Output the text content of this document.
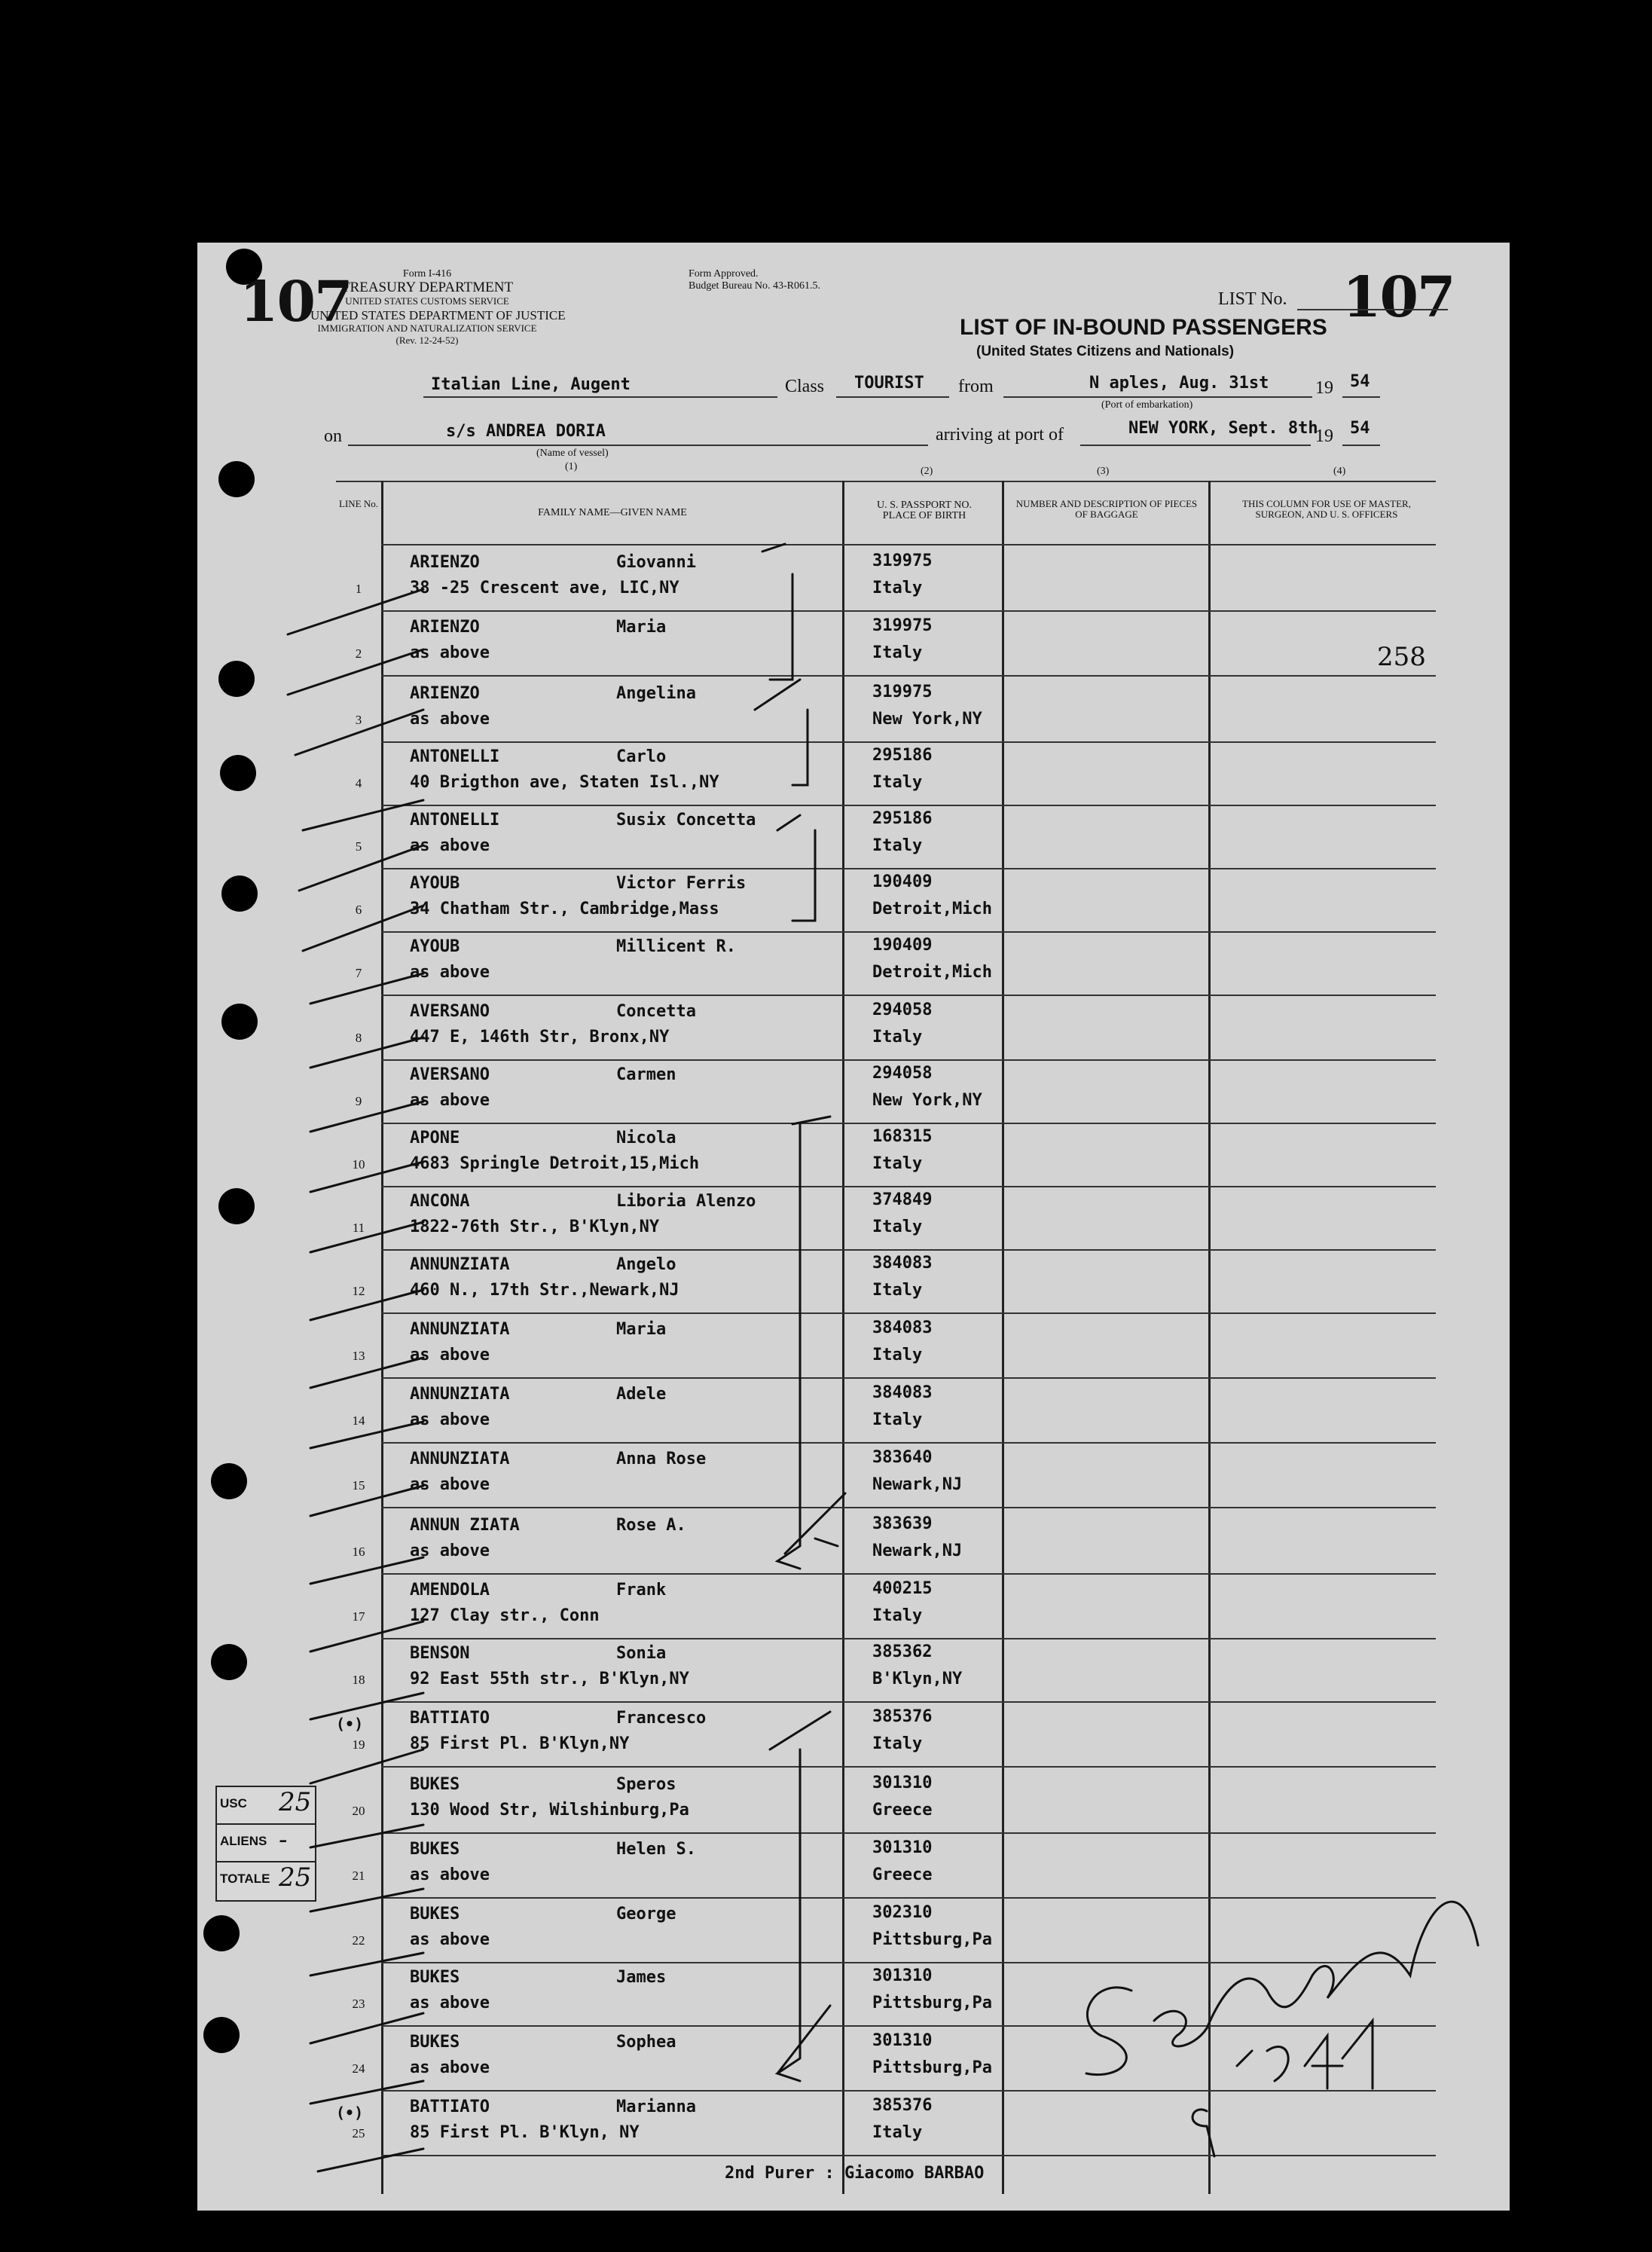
107	107
Form I-416
TREASURY DEPARTMENT
UNITED STATES CUSTOMS SERVICE
UNITED STATES DEPARTMENT OF JUSTICE
IMMIGRATION AND NATURALIZATION SERVICE
(Rev. 12-24-52)
Form Approved.
Budget Bureau No. 43-R061.5.
LIST No.
LIST OF IN-BOUND PASSENGERS
(United States Citizens and Nationals)
Italian Line, Augent	Class TOURIST from	N aples, Aug. 31st
(Port of embarkation)
19 54
on	s/s ANDREA DORIA
(Name of vessel)
arriving at port of	NEW YORK, Sept. 8th
19 54
(1)	(2)	(3)	(4)
LINE No.
FAMILY NAME—GIVEN NAME
U. S. PASSPORT NO. PLACE OF BIRTH
NUMBER AND DESCRIPTION OF PIECES OF BAGGAGE
THIS COLUMN FOR USE OF MASTER, SURGEON, AND U. S. OFFICERS
1
ARIENZO	Giovanni
38 -25 Crescent ave, LIC,NY
319975
Italy
2
ARIENZO	Maria
as above
319975
Italy
3
ARIENZO	Angelina
as above
319975
New York,NY
4
ANTONELLI	Carlo
40 Brigthon ave, Staten Isl.,NY
295186
Italy
5
ANTONELLI	Susix Concetta
as above
295186
Italy
6
AYOUB	Victor Ferris
34 Chatham Str., Cambridge,Mass
190409
Detroit,Mich
7
AYOUB	Millicent R.
as above
190409
Detroit,Mich
8
AVERSANO	Concetta
447 E, 146th Str, Bronx,NY
294058
Italy
9
AVERSANO	Carmen
as above
294058
New York,NY
10
APONE	Nicola
4683 Springle Detroit,15,Mich
168315
Italy
11
ANCONA	Liboria Alenzo
1822-76th Str., B'Klyn,NY
374849
Italy
12
ANNUNZIATA	Angelo
460 N., 17th Str.,Newark,NJ
384083
Italy
13
ANNUNZIATA	Maria
as above
384083
Italy
14
ANNUNZIATA	Adele
as above
384083
Italy
15
ANNUNZIATA	Anna Rose
as above
383640
Newark,NJ
16
ANNUN ZIATA	Rose A.
as above
383639
Newark,NJ
17
AMENDOLA	Frank
127 Clay str., Conn
400215
Italy
18
BENSON	Sonia
92 East 55th str., B'Klyn,NY
385362
B'Klyn,NY
19
(•)	BATTIATO	Francesco
85 First Pl. B'Klyn,NY
385376
Italy
20
BUKES	Speros
130 Wood Str, Wilshinburg,Pa
301310
Greece
21
BUKES	Helen S.
as above
301310
Greece
22
BUKES	George
as above
302310
Pittsburg,Pa
23
BUKES	James
as above
301310
Pittsburg,Pa
24
BUKES	Sophea
as above
301310
Pittsburg,Pa
25
(•)	BATTIATO	Marianna
85 First Pl. B'Klyn, NY
385376
Italy
258
USC 25
ALIENS -
TOTALE 25
2nd Purer : Giacomo BARBAO
